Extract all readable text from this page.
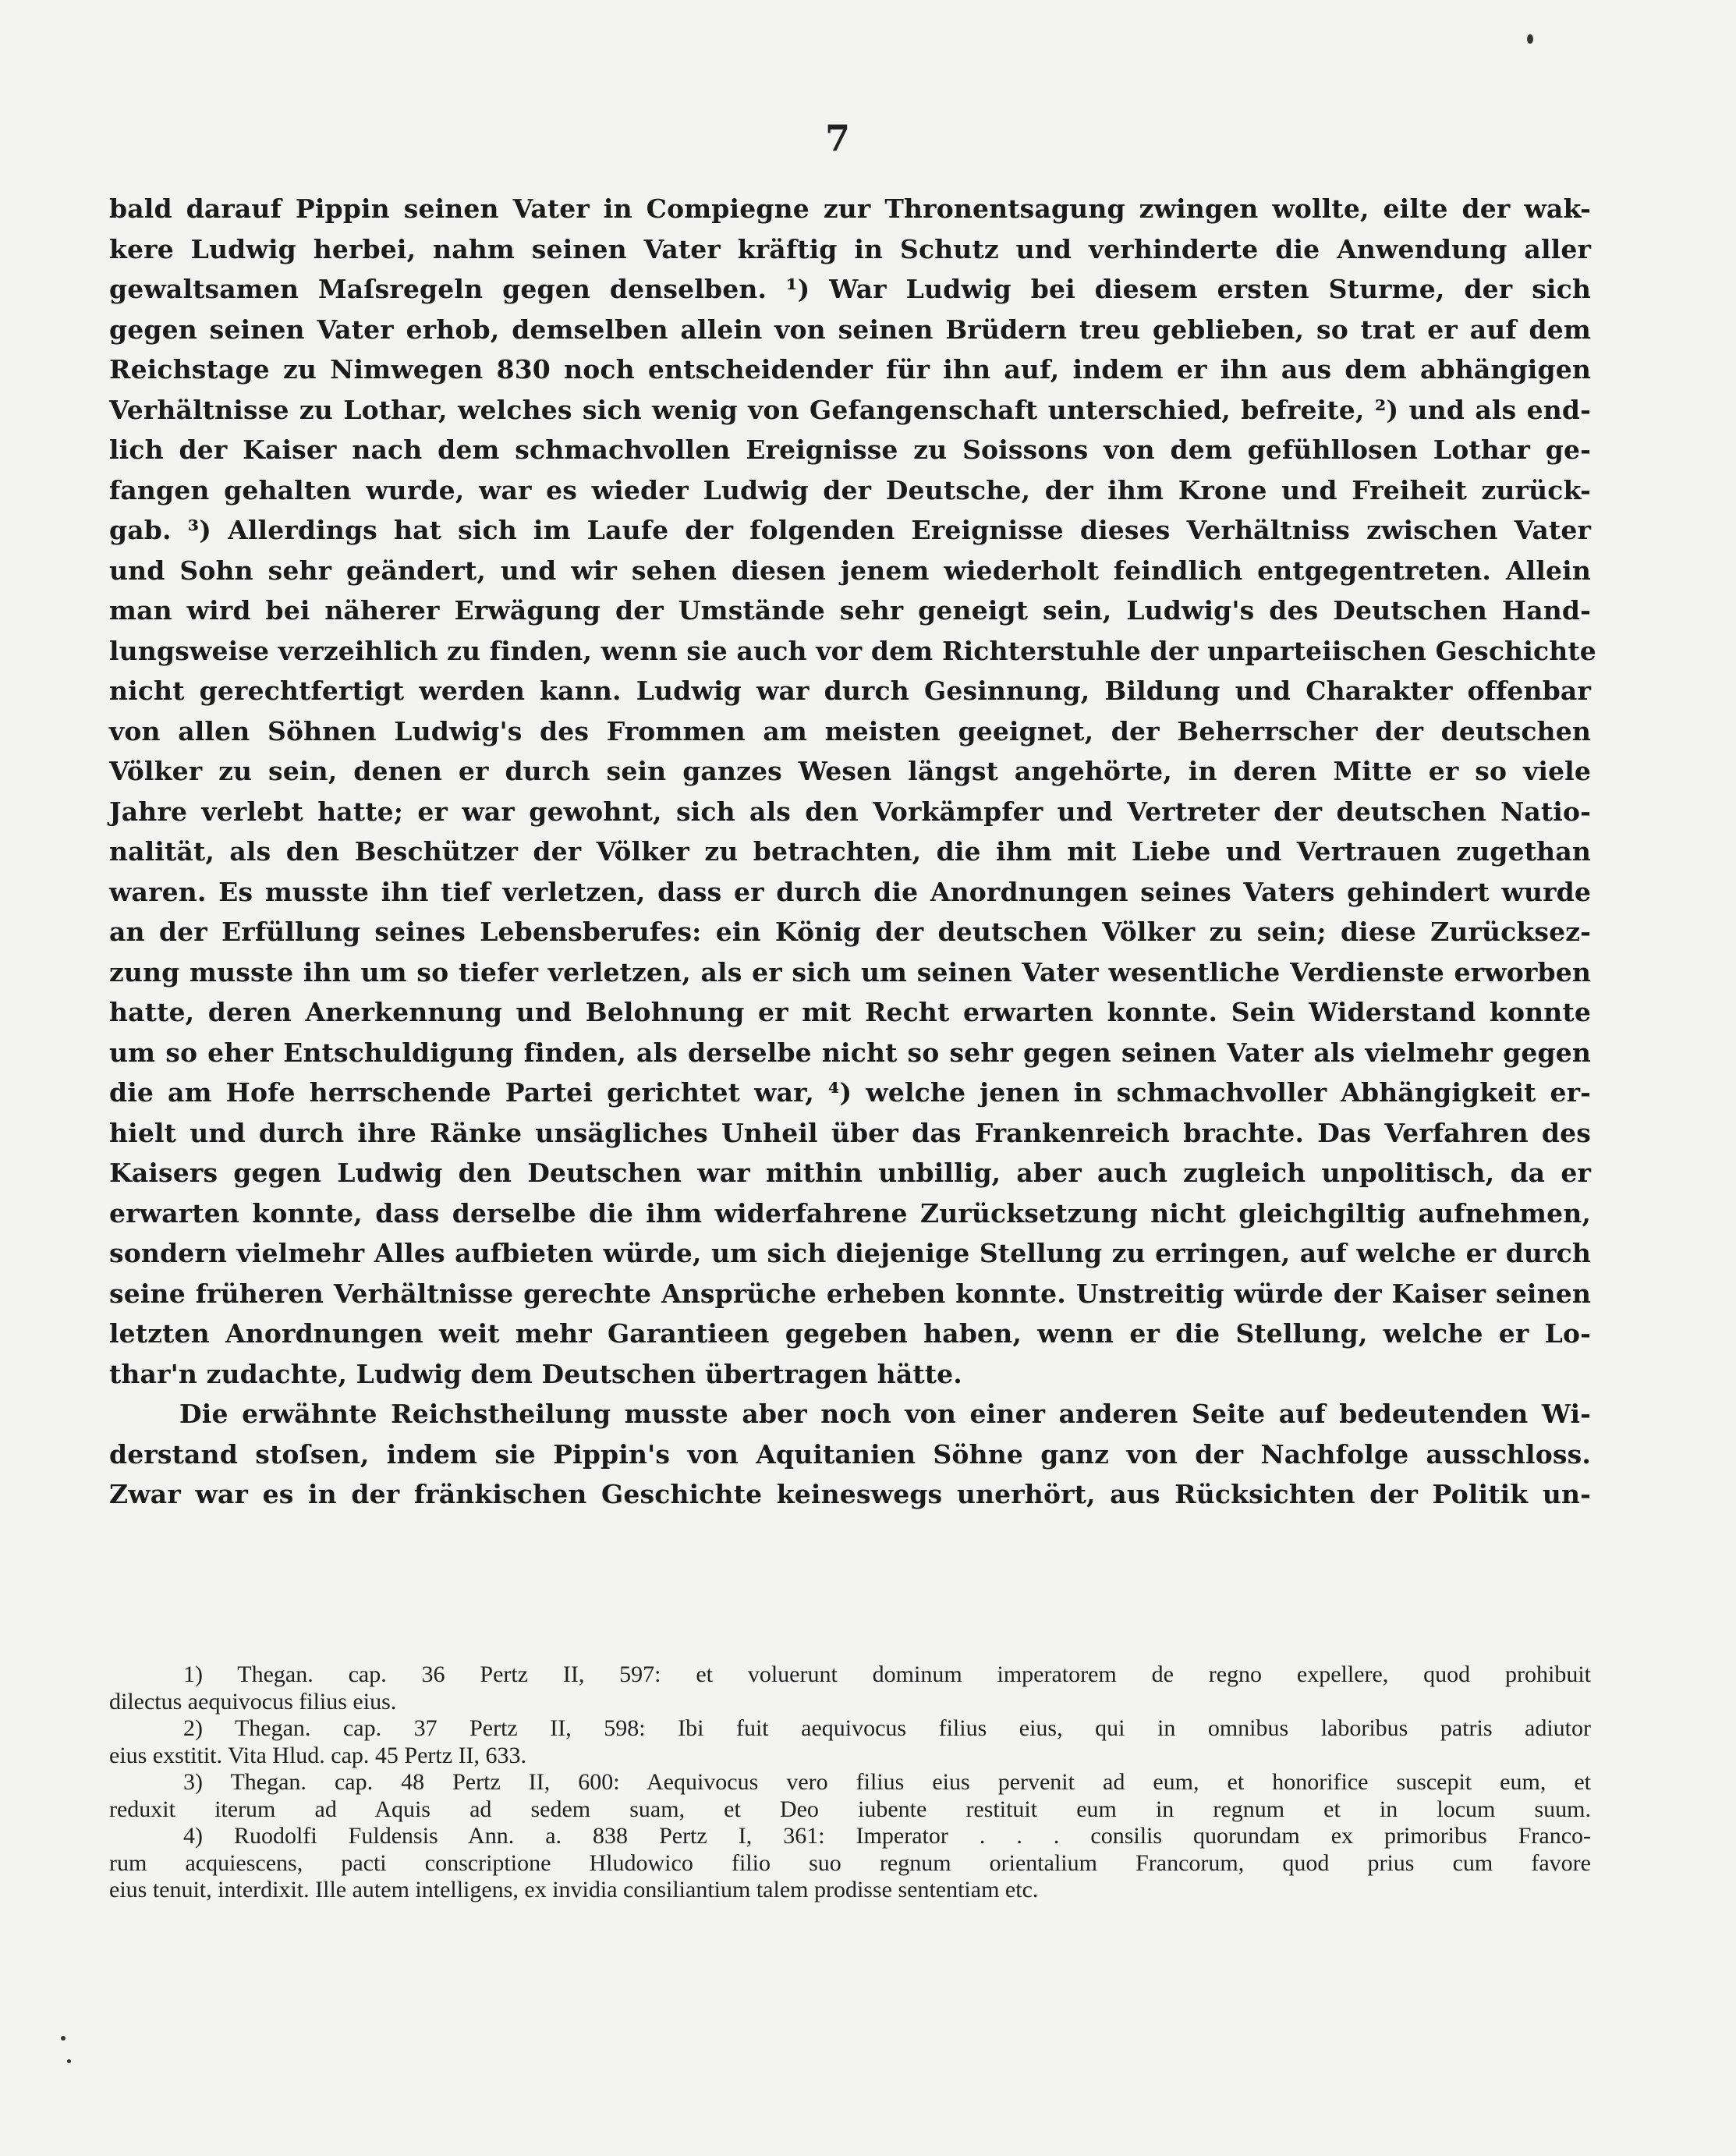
7
bald darauf Pippin seinen Vater in Compiegne zur Thronentsagung zwingen wollte, eilte der wak-
kere Ludwig herbei, nahm seinen Vater kräftig in Schutz und verhinderte die Anwendung aller
gewaltsamen Maſsregeln gegen denselben. ¹) War Ludwig bei diesem ersten Sturme, der sich
gegen seinen Vater erhob, demselben allein von seinen Brüdern treu geblieben, so trat er auf dem
Reichstage zu Nimwegen 830 noch entscheidender für ihn auf, indem er ihn aus dem abhängigen
Verhältnisse zu Lothar, welches sich wenig von Gefangenschaft unterschied, befreite, ²) und als end-
lich der Kaiser nach dem schmachvollen Ereignisse zu Soissons von dem gefühllosen Lothar ge-
fangen gehalten wurde, war es wieder Ludwig der Deutsche, der ihm Krone und Freiheit zurück-
gab. ³) Allerdings hat sich im Laufe der folgenden Ereignisse dieses Verhältniss zwischen Vater
und Sohn sehr geändert, und wir sehen diesen jenem wiederholt feindlich entgegentreten. Allein
man wird bei näherer Erwägung der Umstände sehr geneigt sein, Ludwig's des Deutschen Hand-
lungsweise verzeihlich zu finden, wenn sie auch vor dem Richterstuhle der unparteiischen Geschichte
nicht gerechtfertigt werden kann. Ludwig war durch Gesinnung, Bildung und Charakter offenbar
von allen Söhnen Ludwig's des Frommen am meisten geeignet, der Beherrscher der deutschen
Völker zu sein, denen er durch sein ganzes Wesen längst angehörte, in deren Mitte er so viele
Jahre verlebt hatte; er war gewohnt, sich als den Vorkämpfer und Vertreter der deutschen Natio-
nalität, als den Beschützer der Völker zu betrachten, die ihm mit Liebe und Vertrauen zugethan
waren. Es musste ihn tief verletzen, dass er durch die Anordnungen seines Vaters gehindert wurde
an der Erfüllung seines Lebensberufes: ein König der deutschen Völker zu sein; diese Zurücksez-
zung musste ihn um so tiefer verletzen, als er sich um seinen Vater wesentliche Verdienste erworben
hatte, deren Anerkennung und Belohnung er mit Recht erwarten konnte. Sein Widerstand konnte
um so eher Entschuldigung finden, als derselbe nicht so sehr gegen seinen Vater als vielmehr gegen
die am Hofe herrschende Partei gerichtet war, ⁴) welche jenen in schmachvoller Abhängigkeit er-
hielt und durch ihre Ränke unsägliches Unheil über das Frankenreich brachte. Das Verfahren des
Kaisers gegen Ludwig den Deutschen war mithin unbillig, aber auch zugleich unpolitisch, da er
erwarten konnte, dass derselbe die ihm widerfahrene Zurücksetzung nicht gleichgiltig aufnehmen,
sondern vielmehr Alles aufbieten würde, um sich diejenige Stellung zu erringen, auf welche er durch
seine früheren Verhältnisse gerechte Ansprüche erheben konnte. Unstreitig würde der Kaiser seinen
letzten Anordnungen weit mehr Garantieen gegeben haben, wenn er die Stellung, welche er Lo-
thar'n zudachte, Ludwig dem Deutschen übertragen hätte.
Die erwähnte Reichstheilung musste aber noch von einer anderen Seite auf bedeutenden Wi-
derstand stoſsen, indem sie Pippin's von Aquitanien Söhne ganz von der Nachfolge ausschloss.
Zwar war es in der fränkischen Geschichte keineswegs unerhört, aus Rücksichten der Politik un-
1) Thegan. cap. 36 Pertz II, 597: et voluerunt dominum imperatorem de regno expellere, quod prohibuit
dilectus aequivocus filius eius.
2) Thegan. cap. 37 Pertz II, 598: Ibi fuit aequivocus filius eius, qui in omnibus laboribus patris adiutor
eius exstitit. Vita Hlud. cap. 45 Pertz II, 633.
3) Thegan. cap. 48 Pertz II, 600: Aequivocus vero filius eius pervenit ad eum, et honorifice suscepit eum, et
reduxit iterum ad Aquis ad sedem suam, et Deo iubente restituit eum in regnum et in locum suum.
4) Ruodolfi Fuldensis Ann. a. 838 Pertz I, 361: Imperator . . . consilis quorundam ex primoribus Franco-
rum acquiescens, pacti conscriptione Hludowico filio suo regnum orientalium Francorum, quod prius cum favore
eius tenuit, interdixit. Ille autem intelligens, ex invidia consiliantium talem prodisse sententiam etc.
